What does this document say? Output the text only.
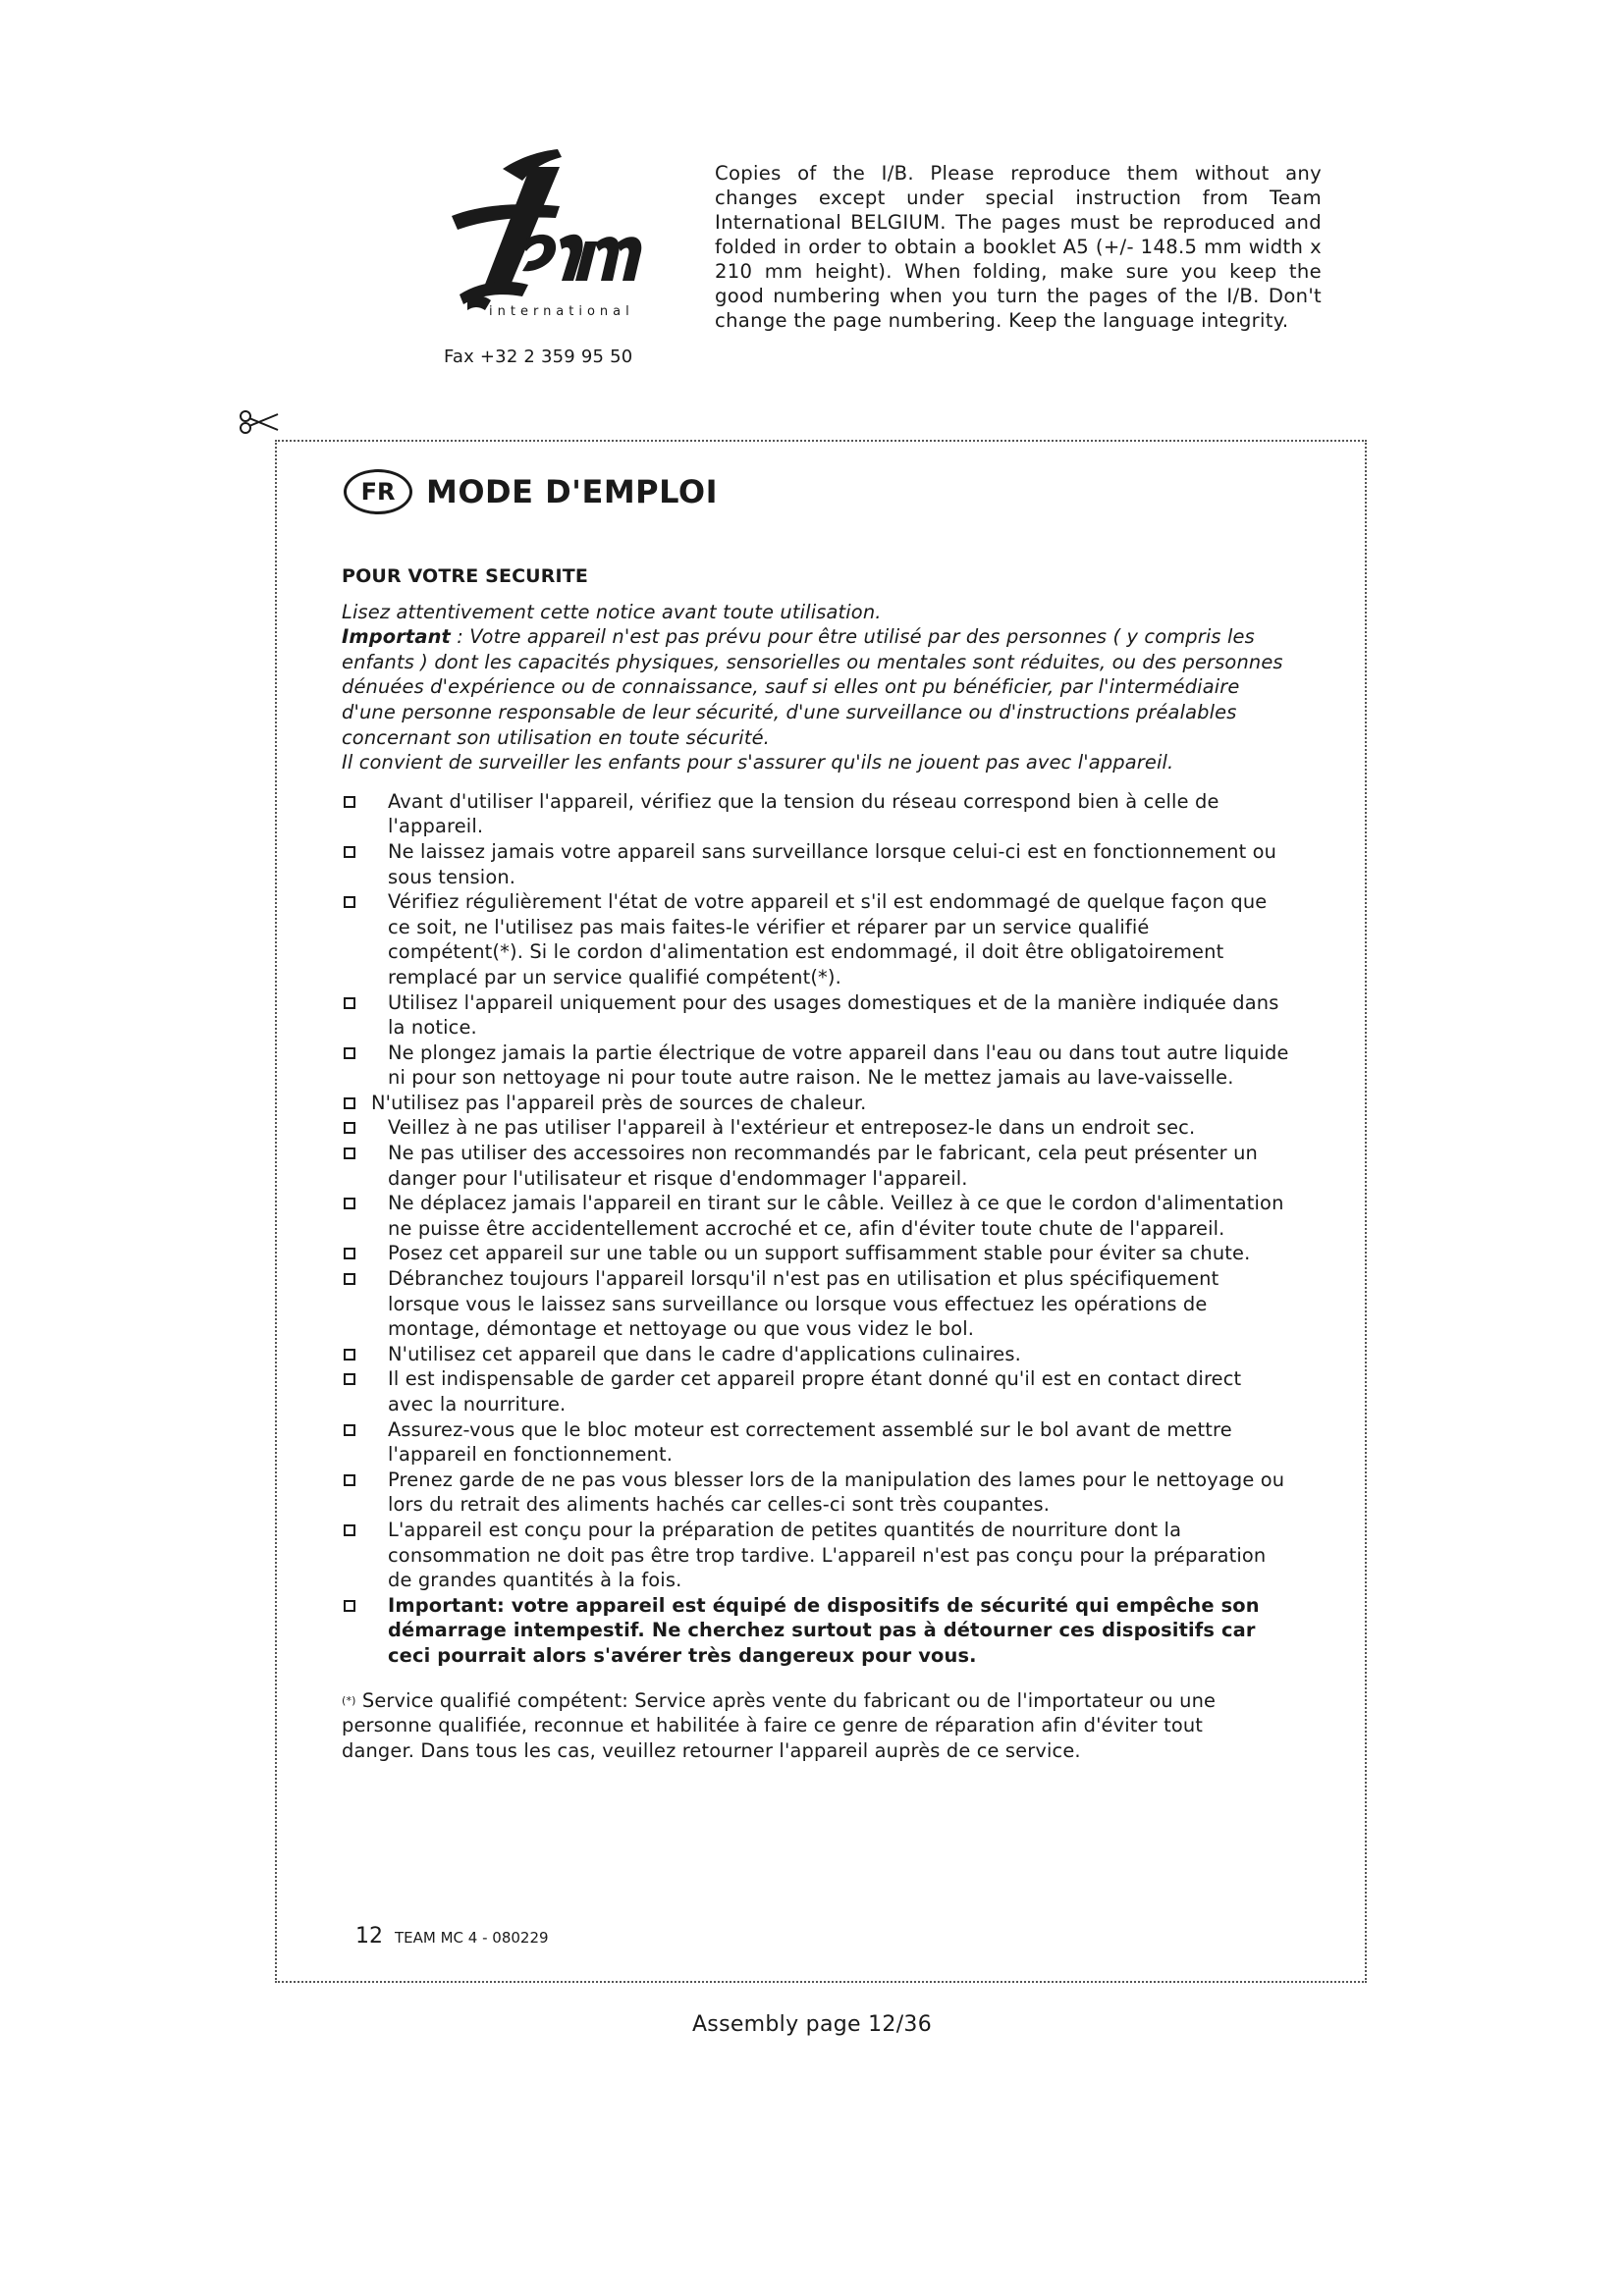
international
Fax +32 2 359 95 50
Copies of the I/B. Please reproduce them without any changes except under special instruction from Team International BELGIUM. The pages must be reproduced and folded in order to obtain a booklet A5 (+/- 148.5 mm width x 210 mm height). When folding, make sure you keep the good numbering when you turn the pages of the I/B. Don't change the page numbering. Keep the language integrity.
FR MODE D'EMPLOI
POUR VOTRE SECURITE

Lisez attentivement cette notice avant toute utilisation.

Important : Votre appareil n'est pas prévu pour être utilisé par des personnes ( y compris les enfants ) dont les capacités physiques, sensorielles ou mentales sont réduites, ou des personnes dénuées d'expérience ou de connaissance, sauf si elles ont pu bénéficier, par l'intermédiaire d'une personne responsable de leur sécurité, d'une surveillance ou d'instructions préalables concernant son utilisation en toute sécurité.

Il convient de surveiller les enfants pour s'assurer qu'ils ne jouent pas avec l'appareil.

Avant d'utiliser l'appareil, vérifiez que la tension du réseau correspond bien à celle de l'appareil.
Ne laissez jamais votre appareil sans surveillance lorsque celui-ci est en fonctionnement ou sous tension.
Vérifiez régulièrement l'état de votre appareil et s'il est endommagé de quelque façon que ce soit, ne l'utilisez pas mais faites-le vérifier et réparer par un service qualifié compétent(*). Si le cordon d'alimentation est endommagé, il doit être obligatoirement remplacé par un service qualifié compétent(*).
Utilisez l'appareil uniquement pour des usages domestiques et de la manière indiquée dans la notice.
Ne plongez jamais la partie électrique de votre appareil dans l'eau ou dans tout autre liquide ni pour son nettoyage ni pour toute autre raison. Ne le mettez jamais au lave-vaisselle.
N'utilisez pas l'appareil près de sources de chaleur.
Veillez à ne pas utiliser l'appareil à l'extérieur et entreposez-le dans un endroit sec.
Ne pas utiliser des accessoires non recommandés par le fabricant, cela peut présenter un danger pour l'utilisateur et risque d'endommager l'appareil.
Ne déplacez jamais l'appareil en tirant sur le câble. Veillez à ce que le cordon d'alimentation ne puisse être accidentellement accroché et ce, afin d'éviter toute chute de l'appareil.
Posez cet appareil sur une table ou un support suffisamment stable pour éviter sa chute.
Débranchez toujours l'appareil lorsqu'il n'est pas en utilisation et plus spécifiquement lorsque vous le laissez sans surveillance ou lorsque vous effectuez les opérations de montage, démontage et nettoyage ou que vous videz le bol.
N'utilisez cet appareil que dans le cadre d'applications culinaires.
Il est indispensable de garder cet appareil propre étant donné qu'il est en contact direct avec la nourriture.
Assurez-vous que le bloc moteur est correctement assemblé sur le bol avant de mettre l'appareil en fonctionnement.
Prenez garde de ne pas vous blesser lors de la manipulation des lames pour le nettoyage ou lors du retrait des aliments hachés car celles-ci sont très coupantes.
L'appareil est conçu pour la préparation de petites quantités de nourriture dont la consommation ne doit pas être trop tardive. L'appareil n'est pas conçu pour la préparation de grandes quantités à la fois.
Important: votre appareil est équipé de dispositifs de sécurité qui empêche son démarrage intempestif. Ne cherchez surtout pas à détourner ces dispositifs car ceci pourrait alors s'avérer très dangereux pour vous.
(*) Service qualifié compétent: Service après vente du fabricant ou de l'importateur ou une personne qualifiée, reconnue et habilitée à faire ce genre de réparation afin d'éviter tout danger. Dans tous les cas, veuillez retourner l'appareil auprès de ce service.
12 TEAM MC 4 - 080229
Assembly page 12/36
